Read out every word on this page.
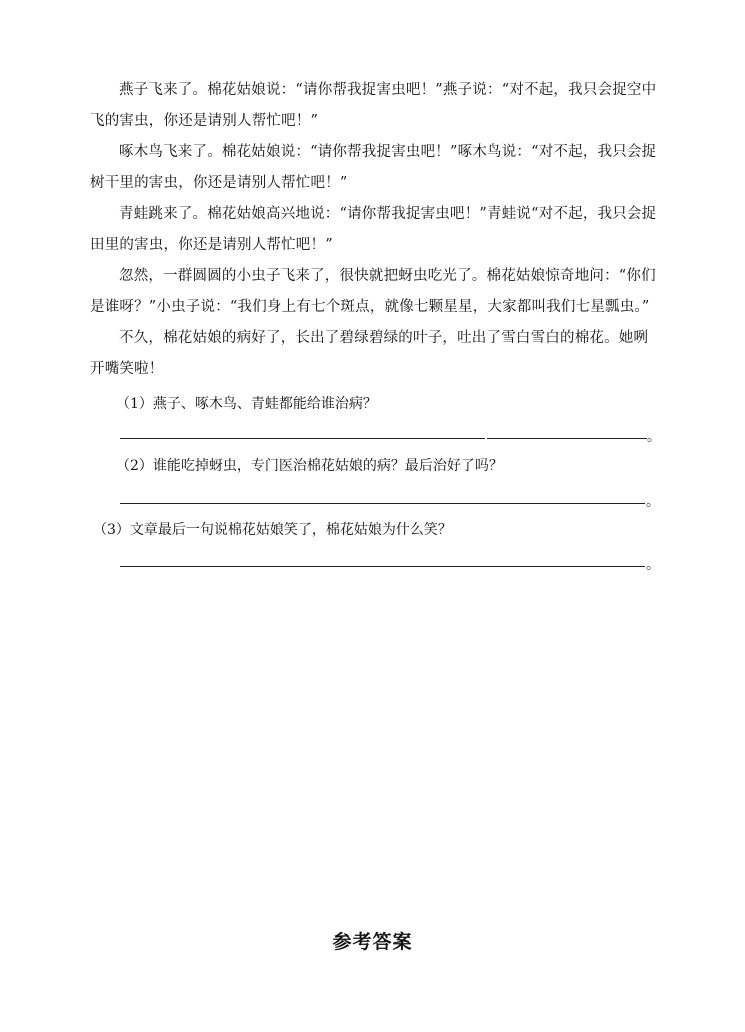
燕子飞来了。棉花姑娘说：“请你帮我捉害虫吧！”燕子说：“对不起，我只会捉空中飞的害虫，你还是请别人帮忙吧！”

啄木鸟飞来了。棉花姑娘说：“请你帮我捉害虫吧！”啄木鸟说：“对不起，我只会捉树干里的害虫，你还是请别人帮忙吧！”

青蛙跳来了。棉花姑娘高兴地说：“请你帮我捉害虫吧！”青蛙说“对不起，我只会捉田里的害虫，你还是请别人帮忙吧！”

忽然，一群圆圆的小虫子飞来了，很快就把蚜虫吃光了。棉花姑娘惊奇地问：“你们是谁呀？”小虫子说：“我们身上有七个斑点，就像七颗星星，大家都叫我们七星瓢虫。”

不久，棉花姑娘的病好了，长出了碧绿碧绿的叶子，吐出了雪白雪白的棉花。她咧开嘴笑啦！

（1）燕子、啄木鸟、青蛙都能给谁治病？

。

（2）谁能吃掉蚜虫，专门医治棉花姑娘的病？最后治好了吗？

。

（3）文章最后一句说棉花姑娘笑了，棉花姑娘为什么笑？

。
参考答案
